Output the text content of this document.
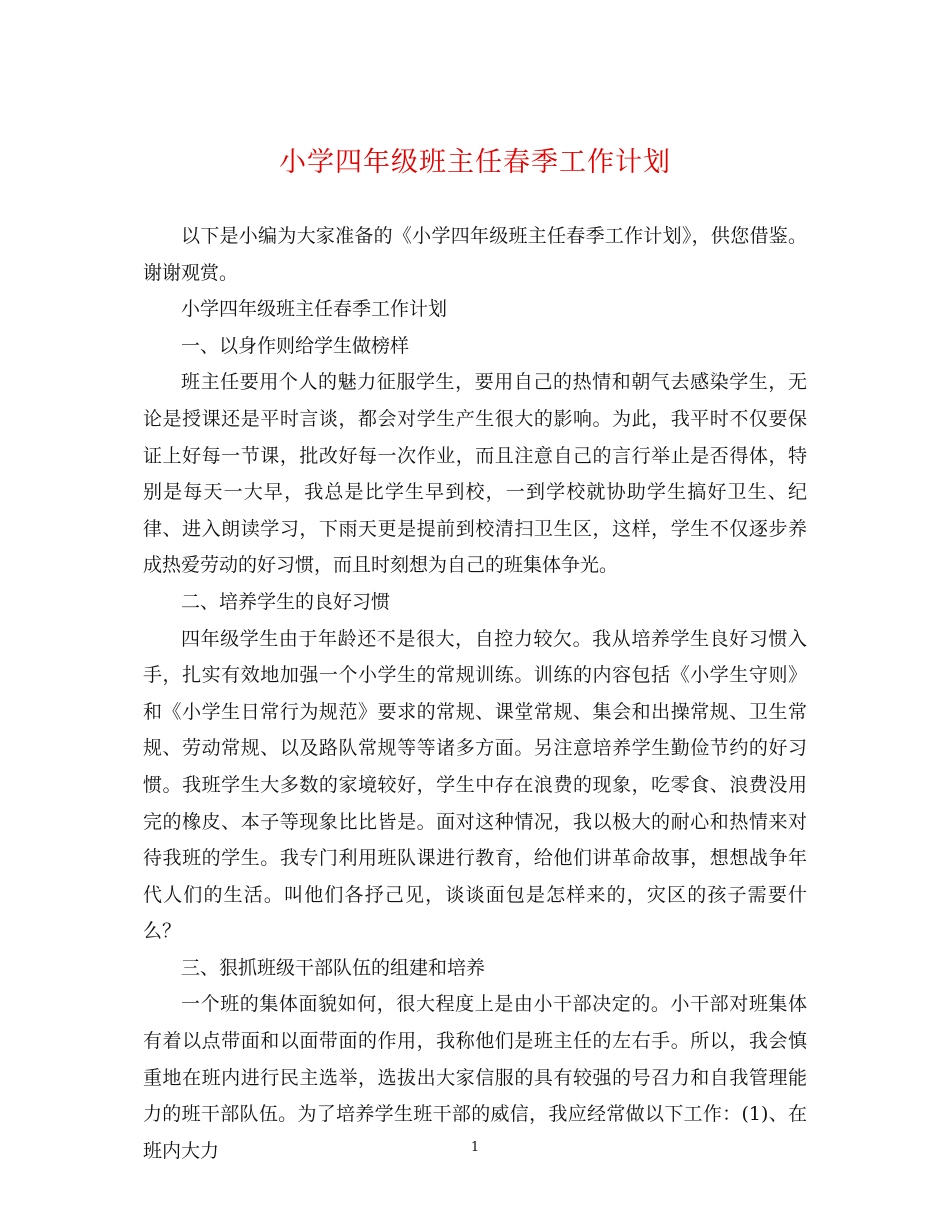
小学四年级班主任春季工作计划

以下是小编为大家准备的《小学四年级班主任春季工作计划》，供您借鉴。谢谢观赏。

小学四年级班主任春季工作计划

一、以身作则给学生做榜样

班主任要用个人的魅力征服学生，要用自己的热情和朝气去感染学生，无论是授课还是平时言谈，都会对学生产生很大的影响。为此，我平时不仅要保证上好每一节课，批改好每一次作业，而且注意自己的言行举止是否得体，特别是每天一大早，我总是比学生早到校，一到学校就协助学生搞好卫生、纪律、进入朗读学习，下雨天更是提前到校清扫卫生区，这样，学生不仅逐步养成热爱劳动的好习惯，而且时刻想为自己的班集体争光。

二、培养学生的良好习惯

四年级学生由于年龄还不是很大，自控力较欠。我从培养学生良好习惯入手，扎实有效地加强一个小学生的常规训练。训练的内容包括《小学生守则》和《小学生日常行为规范》要求的常规、课堂常规、集会和出操常规、卫生常规、劳动常规、以及路队常规等等诸多方面。另注意培养学生勤俭节约的好习惯。我班学生大多数的家境较好，学生中存在浪费的现象，吃零食、浪费没用完的橡皮、本子等现象比比皆是。面对这种情况，我以极大的耐心和热情来对待我班的学生。我专门利用班队课进行教育，给他们讲革命故事，想想战争年代人们的生活。叫他们各抒己见，谈谈面包是怎样来的，灾区的孩子需要什么？

三、狠抓班级干部队伍的组建和培养

一个班的集体面貌如何，很大程度上是由小干部决定的。小干部对班集体有着以点带面和以面带面的作用，我称他们是班主任的左右手。所以，我会慎重地在班内进行民主选举，选拔出大家信服的具有较强的号召力和自我管理能力的班干部队伍。为了培养学生班干部的威信，我应经常做以下工作：(1)、在班内大力	1
